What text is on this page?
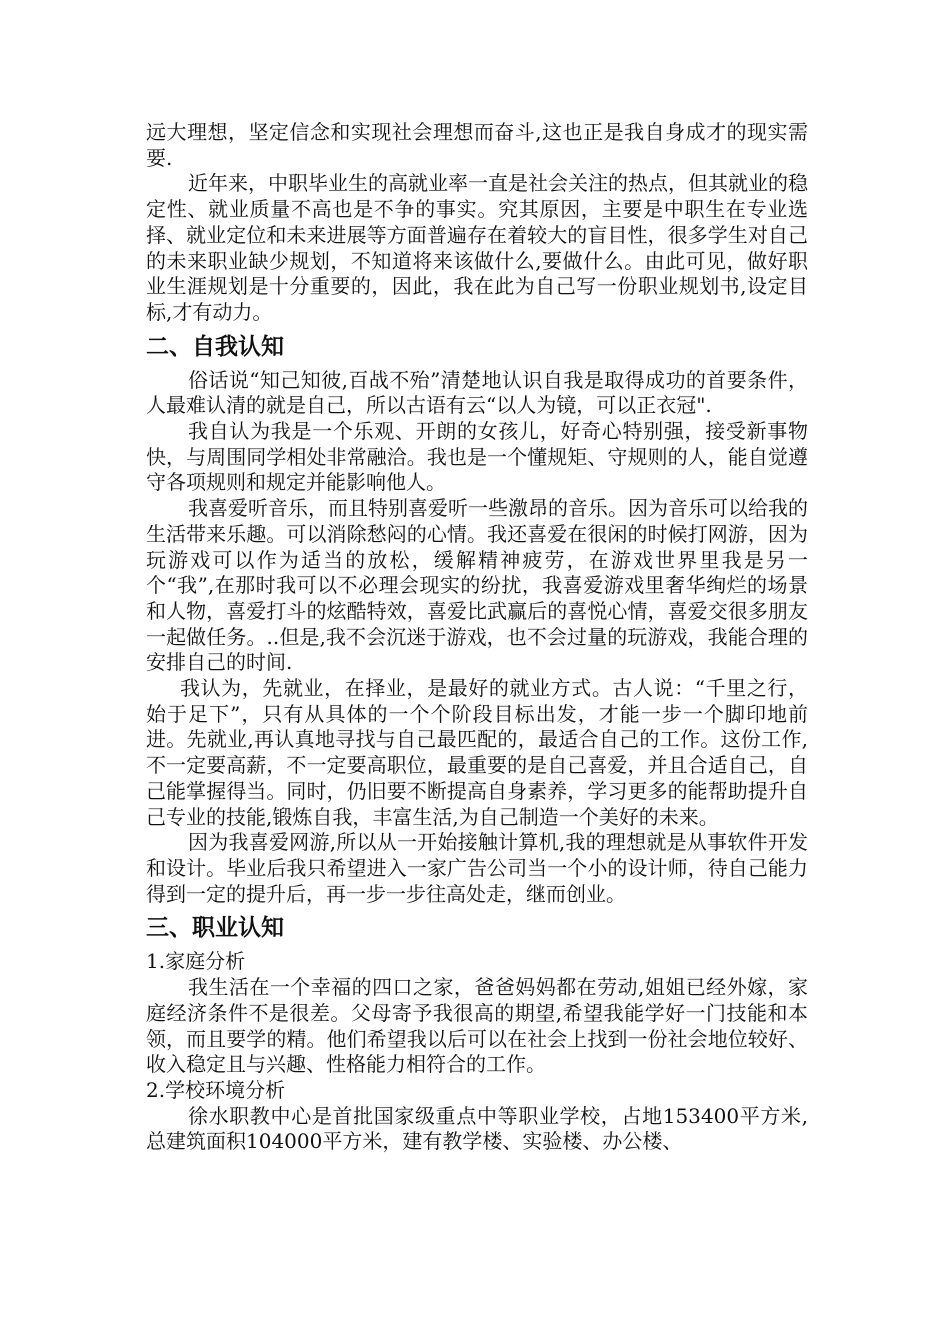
远大理想，坚定信念和实现社会理想而奋斗,这也正是我自身成才的现实需要.

近年来，中职毕业生的高就业率一直是社会关注的热点，但其就业的稳定性、就业质量不高也是不争的事实。究其原因，主要是中职生在专业选择、就业定位和未来进展等方面普遍存在着较大的盲目性，很多学生对自己的未来职业缺少规划，不知道将来该做什么,要做什么。由此可见，做好职业生涯规划是十分重要的，因此，我在此为自己写一份职业规划书,设定目标,才有动力。

二、自我认知

俗话说“知己知彼,百战不殆”清楚地认识自我是取得成功的首要条件，人最难认清的就是自己，所以古语有云“以人为镜，可以正衣冠".

我自认为我是一个乐观、开朗的女孩儿，好奇心特别强，接受新事物快，与周围同学相处非常融洽。我也是一个懂规矩、守规则的人，能自觉遵守各项规则和规定并能影响他人。

我喜爱听音乐，而且特别喜爱听一些激昂的音乐。因为音乐可以给我的生活带来乐趣。可以消除愁闷的心情。我还喜爱在很闲的时候打网游，因为玩游戏可以作为适当的放松，缓解精神疲劳，在游戏世界里我是另一个“我”,在那时我可以不必理会现实的纷扰，我喜爱游戏里奢华绚烂的场景和人物，喜爱打斗的炫酷特效，喜爱比武赢后的喜悦心情，喜爱交很多朋友一起做任务。..但是,我不会沉迷于游戏，也不会过量的玩游戏，我能合理的安排自己的时间.

我认为，先就业，在择业，是最好的就业方式。古人说：“千里之行，始于足下”，只有从具体的一个个阶段目标出发，才能一步一个脚印地前进。先就业,再认真地寻找与自己最匹配的，最适合自己的工作。这份工作,不一定要高薪，不一定要高职位，最重要的是自己喜爱，并且合适自己，自己能掌握得当。同时，仍旧要不断提高自身素养，学习更多的能帮助提升自己专业的技能,锻炼自我，丰富生活,为自己制造一个美好的未来。

因为我喜爱网游,所以从一开始接触计算机,我的理想就是从事软件开发和设计。毕业后我只希望进入一家广告公司当一个小的设计师，待自己能力得到一定的提升后，再一步一步往高处走，继而创业。

三、职业认知

1.家庭分析

我生活在一个幸福的四口之家，爸爸妈妈都在劳动,姐姐已经外嫁，家庭经济条件不是很差。父母寄予我很高的期望,希望我能学好一门技能和本领，而且要学的精。他们希望我以后可以在社会上找到一份社会地位较好、收入稳定且与兴趣、性格能力相符合的工作。

2.学校环境分析

徐水职教中心是首批国家级重点中等职业学校，占地153400平方米,总建筑面积104000平方米，建有教学楼、实验楼、办公楼、
